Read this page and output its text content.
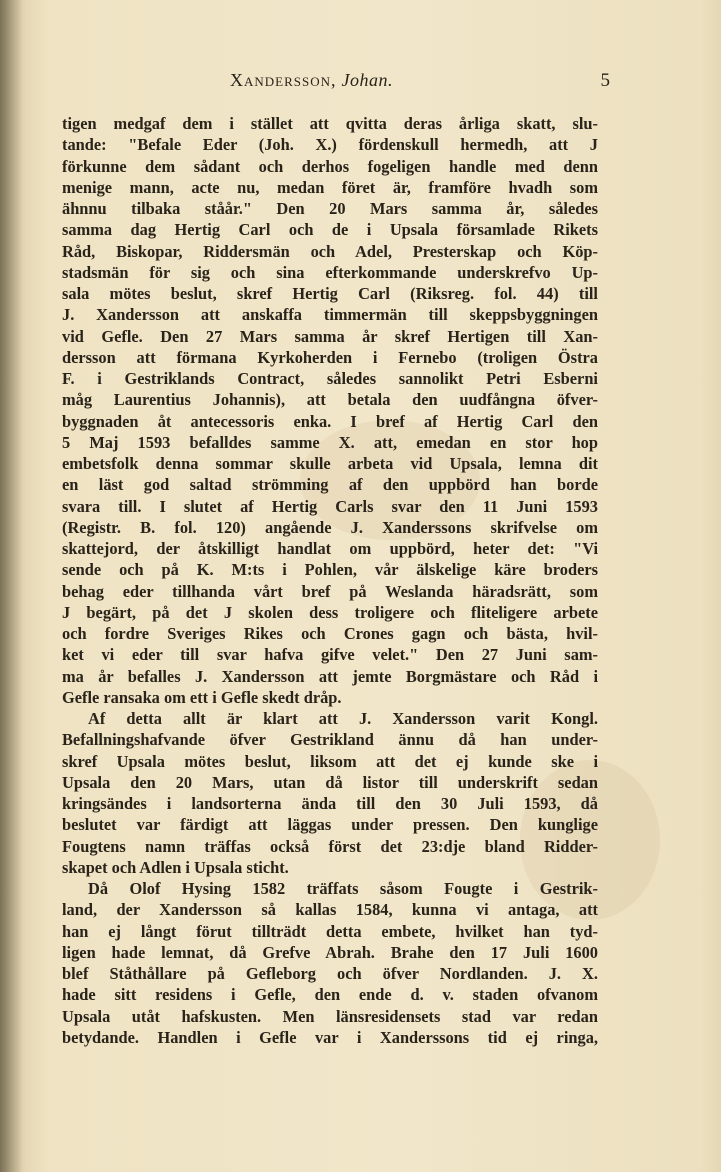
Xandersson, Johan.	5
tigen medgaf dem i stället att qvitta deras årliga skatt, slu-
tande: "Befale Eder (Joh. X.) fördenskull hermedh, att J
förkunne dem sådant och derhos fogeligen handle med denn
menige mann, acte nu, medan föret är, framföre hvadh som
ähnnu tilbaka ståår." Den 20 Mars samma år, således
samma dag Hertig Carl och de i Upsala församlade Rikets
Råd, Biskopar, Riddersmän och Adel, Presterskap och Köp-
stadsmän för sig och sina efterkommande underskrefvo Up-
sala mötes beslut, skref Hertig Carl (Riksreg. fol. 44) till
J. Xandersson att anskaffa timmermän till skeppsbyggningen
vid Gefle. Den 27 Mars samma år skref Hertigen till Xan-
dersson att förmana Kyrkoherden i Fernebo (troligen Östra
F. i Gestriklands Contract, således sannolikt Petri Esberni
måg Laurentius Johannis), att betala den uudfångna öfver-
byggnaden åt antecessoris enka. I bref af Hertig Carl den
5 Maj 1593 befalldes samme X. att, emedan en stor hop
embetsfolk denna sommar skulle arbeta vid Upsala, lemna dit
en läst god saltad strömming af den uppbörd han borde
svara till. I slutet af Hertig Carls svar den 11 Juni 1593
(Registr. B. fol. 120) angående J. Xanderssons skrifvelse om
skattejord, der åtskilligt handlat om uppbörd, heter det: "Vi
sende och på K. M:ts i Pohlen, vår älskelige käre broders
behag eder tillhanda vårt bref på Weslanda häradsrätt, som
J begärt, på det J skolen dess troligere och fliteligere arbete
och fordre Sveriges Rikes och Crones gagn och bästa, hvil-
ket vi eder till svar hafva gifve velet." Den 27 Juni sam-
ma år befalles J. Xandersson att jemte Borgmästare och Råd i
Gefle ransaka om ett i Gefle skedt dråp.
Af detta allt är klart att J. Xandersson varit Kongl.
Befallningshafvande öfver Gestrikland ännu då han under-
skref Upsala mötes beslut, liksom att det ej kunde ske i
Upsala den 20 Mars, utan då listor till underskrift sedan
kringsändes i landsorterna ända till den 30 Juli 1593, då
beslutet var färdigt att läggas under pressen. Den kunglige
Fougtens namn träffas också först det 23:dje bland Ridder-
skapet och Adlen i Upsala sticht.
Då Olof Hysing 1582 träffats såsom Fougte i Gestrik-
land, der Xandersson så kallas 1584, kunna vi antaga, att
han ej långt förut tillträdt detta embete, hvilket han tyd-
ligen hade lemnat, då Grefve Abrah. Brahe den 17 Juli 1600
blef Ståthållare på Gefleborg och öfver Nordlanden. J. X.
hade sitt residens i Gefle, den ende d. v. staden ofvanom
Upsala utåt hafskusten. Men länsresidensets stad var redan
betydande. Handlen i Gefle var i Xanderssons tid ej ringa,
